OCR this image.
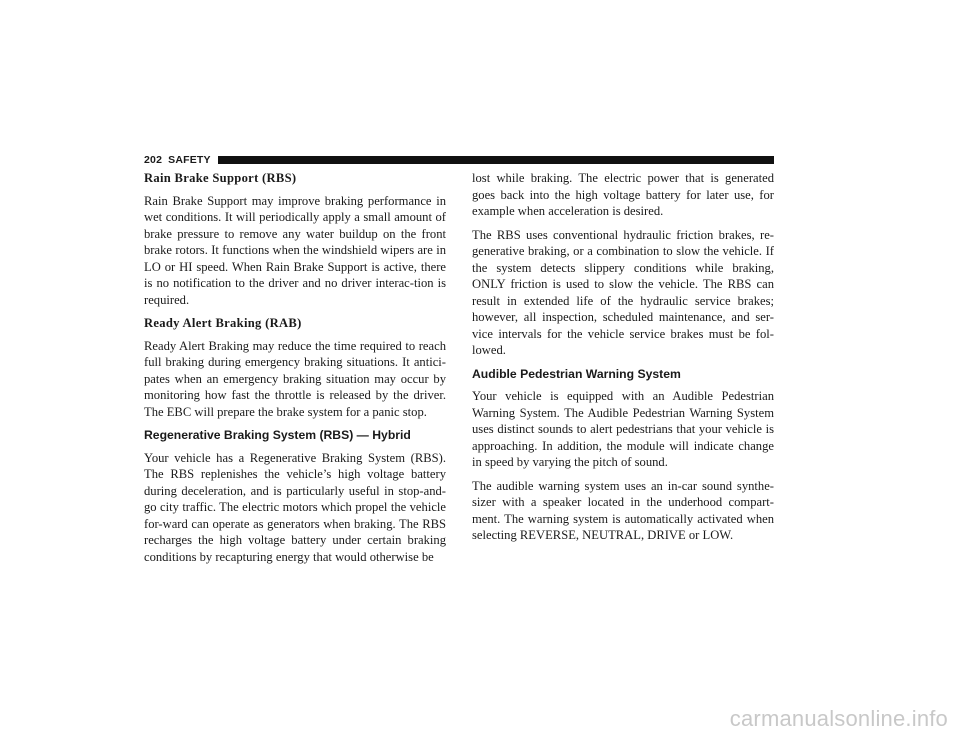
202 SAFETY
Rain Brake Support (RBS)

Rain Brake Support may improve braking performance in wet conditions. It will periodically apply a small amount of brake pressure to remove any water buildup on the front brake rotors. It functions when the windshield wipers are in LO or HI speed. When Rain Brake Support is active, there is no notification to the driver and no driver interac-tion is required.

Ready Alert Braking (RAB)

Ready Alert Braking may reduce the time required to reach full braking during emergency braking situations. It antici-pates when an emergency braking situation may occur by monitoring how fast the throttle is released by the driver. The EBC will prepare the brake system for a panic stop.

Regenerative Braking System (RBS) — Hybrid

Your vehicle has a Regenerative Braking System (RBS). The RBS replenishes the vehicle’s high voltage battery during deceleration, and is particularly useful in stop-and-go city traffic. The electric motors which propel the vehicle for-ward can operate as generators when braking. The RBS recharges the high voltage battery under certain braking conditions by recapturing energy that would otherwise be

lost while braking. The electric power that is generated goes back into the high voltage battery for later use, for example when acceleration is desired.

The RBS uses conventional hydraulic friction brakes, re-generative braking, or a combination to slow the vehicle. If the system detects slippery conditions while braking, ONLY friction is used to slow the vehicle. The RBS can result in extended life of the hydraulic service brakes; however, all inspection, scheduled maintenance, and ser-vice intervals for the vehicle service brakes must be fol-lowed.

Audible Pedestrian Warning System

Your vehicle is equipped with an Audible Pedestrian Warning System. The Audible Pedestrian Warning System uses distinct sounds to alert pedestrians that your vehicle is approaching. In addition, the module will indicate change in speed by varying the pitch of sound.

The audible warning system uses an in-car sound synthe-sizer with a speaker located in the underhood compart-ment. The warning system is automatically activated when selecting REVERSE, NEUTRAL, DRIVE or LOW.

carmanualsonline.info
